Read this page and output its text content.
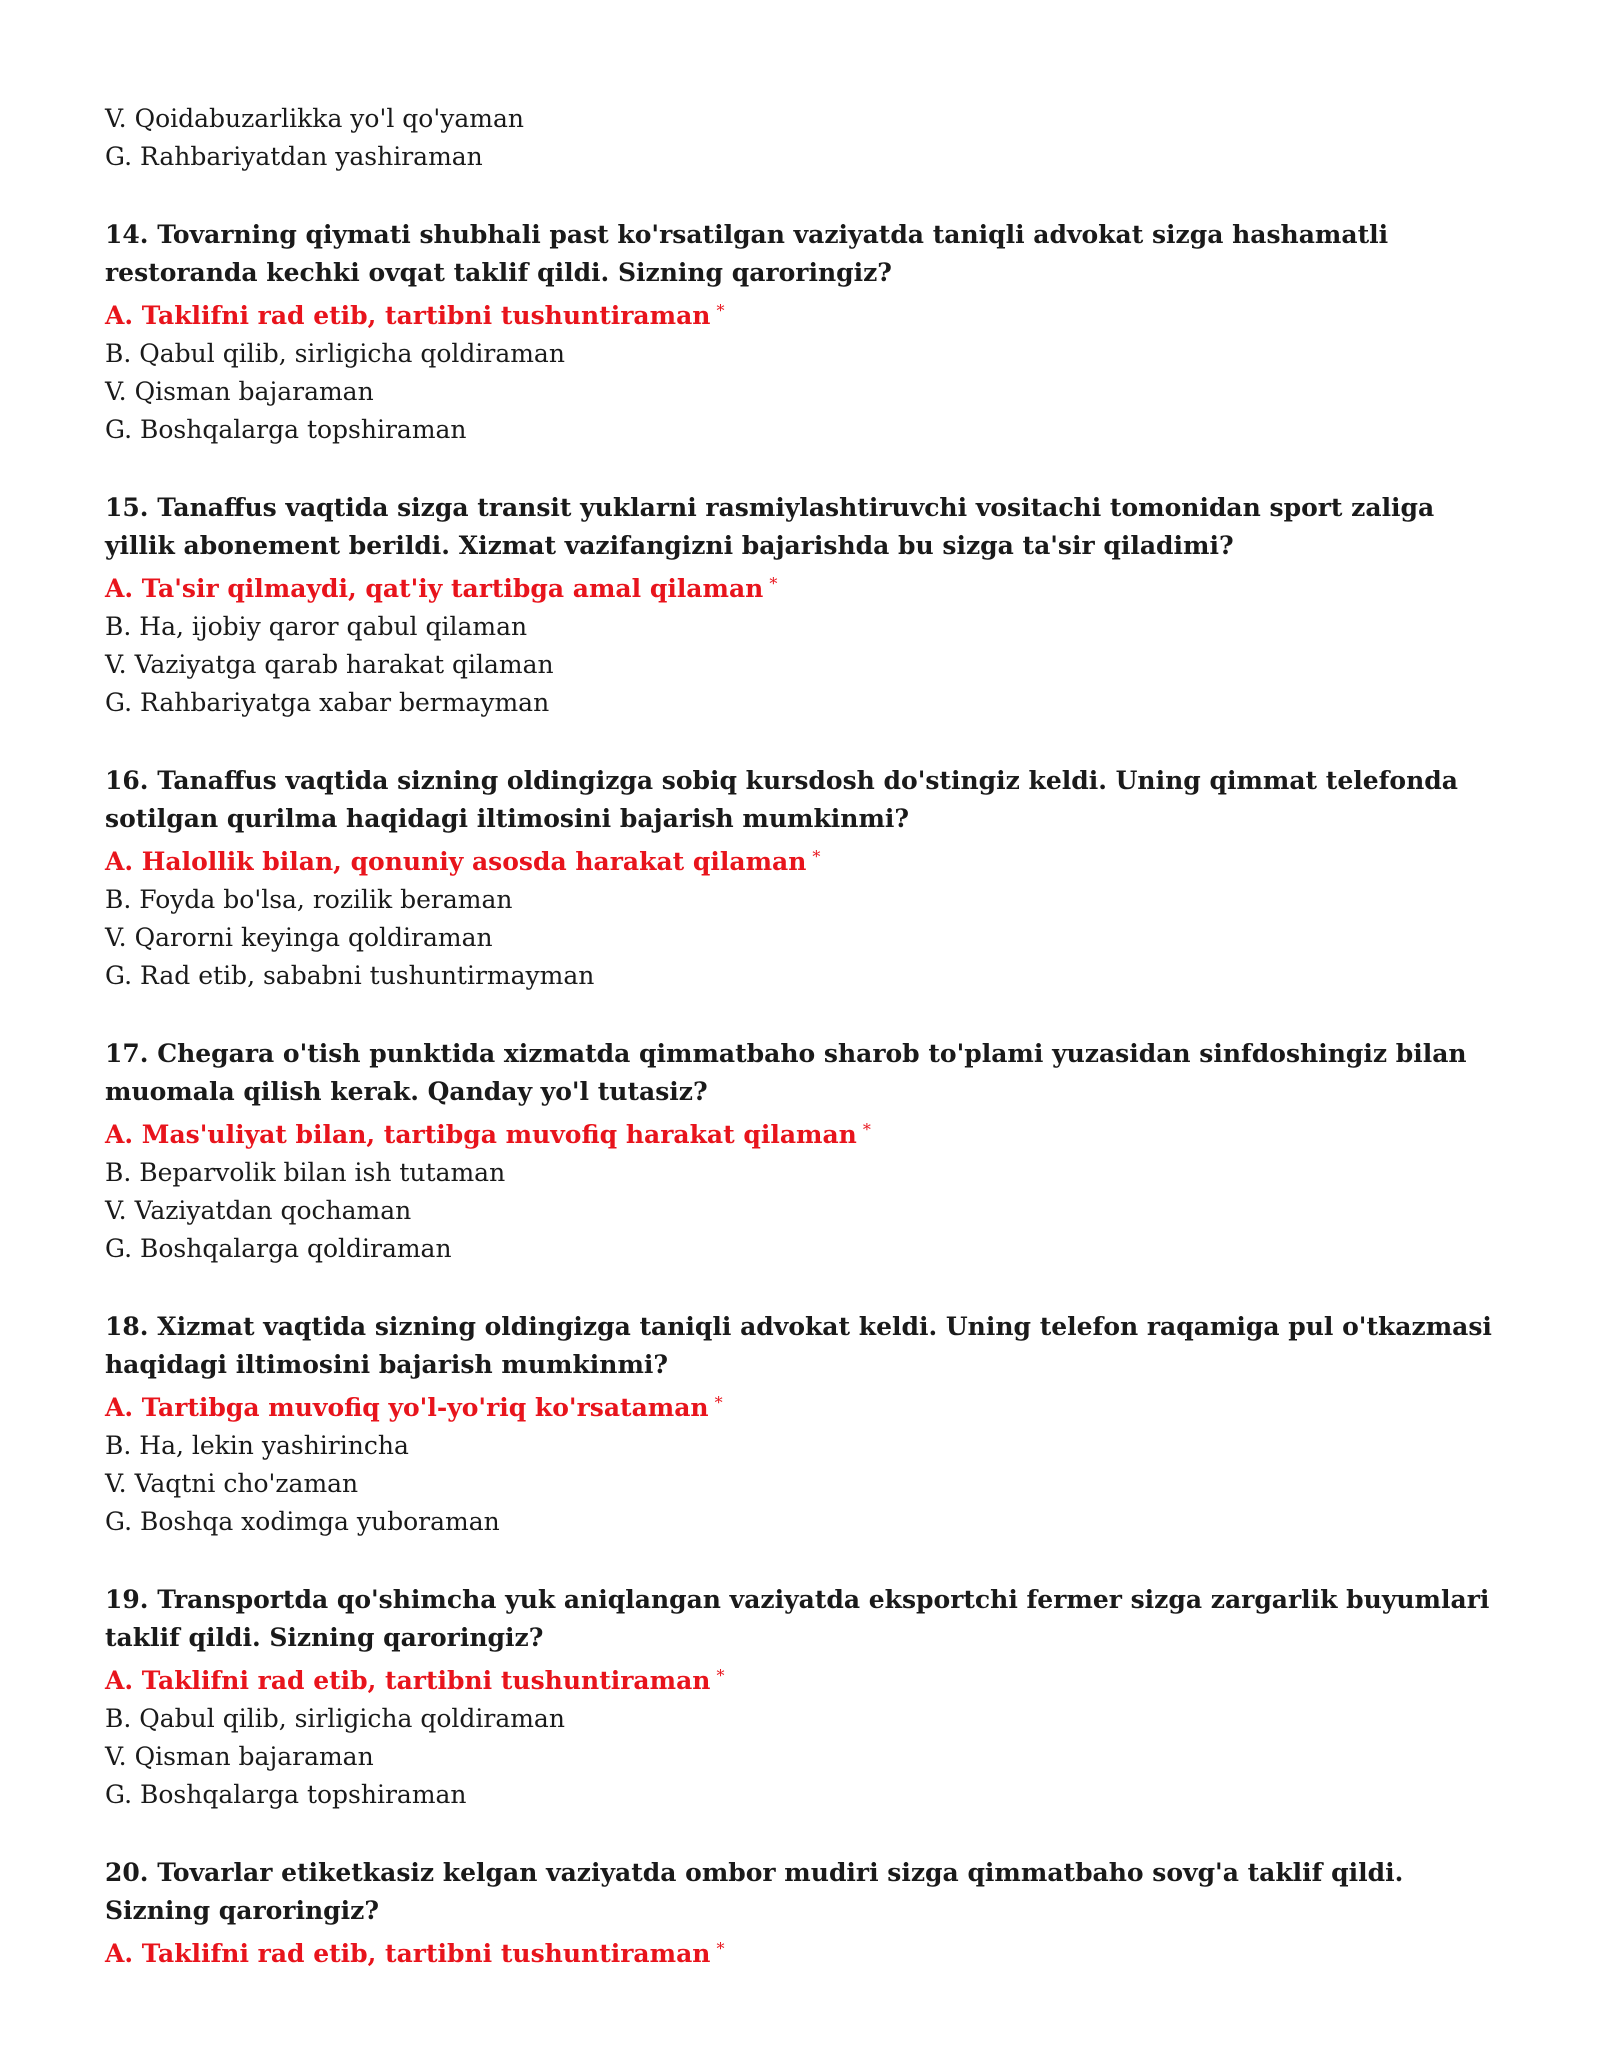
V. Qoidabuzarlikka yo'l qo'yaman

G. Rahbariyatdan yashiraman

14. Tovarning qiymati shubhali past ko'rsatilgan vaziyatda taniqli advokat sizga hashamatli restoranda kechki ovqat taklif qildi. Sizning qaroringiz?

A. Taklifni rad etib, tartibni tushuntiraman *

B. Qabul qilib, sirligicha qoldiraman

V. Qisman bajaraman

G. Boshqalarga topshiraman

15. Tanaffus vaqtida sizga transit yuklarni rasmiylashtiruvchi vositachi tomonidan sport zaliga yillik abonement berildi. Xizmat vazifangizni bajarishda bu sizga ta'sir qiladimi?

A. Ta'sir qilmaydi, qat'iy tartibga amal qilaman *

B. Ha, ijobiy qaror qabul qilaman

V. Vaziyatga qarab harakat qilaman

G. Rahbariyatga xabar bermayman

16. Tanaffus vaqtida sizning oldingizga sobiq kursdosh do'stingiz keldi. Uning qimmat telefonda sotilgan qurilma haqidagi iltimosini bajarish mumkinmi?

A. Halollik bilan, qonuniy asosda harakat qilaman *

B. Foyda bo'lsa, rozilik beraman

V. Qarorni keyinga qoldiraman

G. Rad etib, sababni tushuntirmayman

17. Chegara o'tish punktida xizmatda qimmatbaho sharob to'plami yuzasidan sinfdoshingiz bilan muomala qilish kerak. Qanday yo'l tutasiz?

A. Mas'uliyat bilan, tartibga muvofiq harakat qilaman *

B. Beparvolik bilan ish tutaman

V. Vaziyatdan qochaman

G. Boshqalarga qoldiraman

18. Xizmat vaqtida sizning oldingizga taniqli advokat keldi. Uning telefon raqamiga pul o'tkazmasi haqidagi iltimosini bajarish mumkinmi?

A. Tartibga muvofiq yo'l-yo'riq ko'rsataman *

B. Ha, lekin yashirincha

V. Vaqtni cho'zaman

G. Boshqa xodimga yuboraman

19. Transportda qo'shimcha yuk aniqlangan vaziyatda eksportchi fermer sizga zargarlik buyumlari taklif qildi. Sizning qaroringiz?

A. Taklifni rad etib, tartibni tushuntiraman *

B. Qabul qilib, sirligicha qoldiraman

V. Qisman bajaraman

G. Boshqalarga topshiraman

20. Tovarlar etiketkasiz kelgan vaziyatda ombor mudiri sizga qimmatbaho sovg'a taklif qildi. Sizning qaroringiz?

A. Taklifni rad etib, tartibni tushuntiraman *
